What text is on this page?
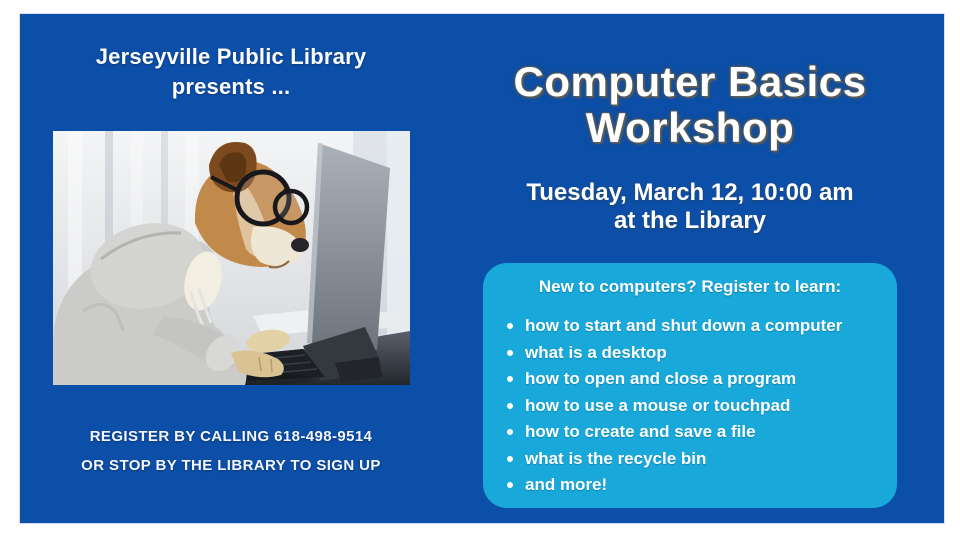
Jerseyville Public Library
presents ...
REGISTER BY CALLING 618-498-9514
OR STOP BY THE LIBRARY TO SIGN UP
Computer Basics
Workshop
Tuesday, March 12, 10:00 am
at the Library
New to computers? Register to learn:
how to start and shut down a computer
what is a desktop
how to open and close a program
how to use a mouse or touchpad
how to create and save a file
what is the recycle bin
and more!
